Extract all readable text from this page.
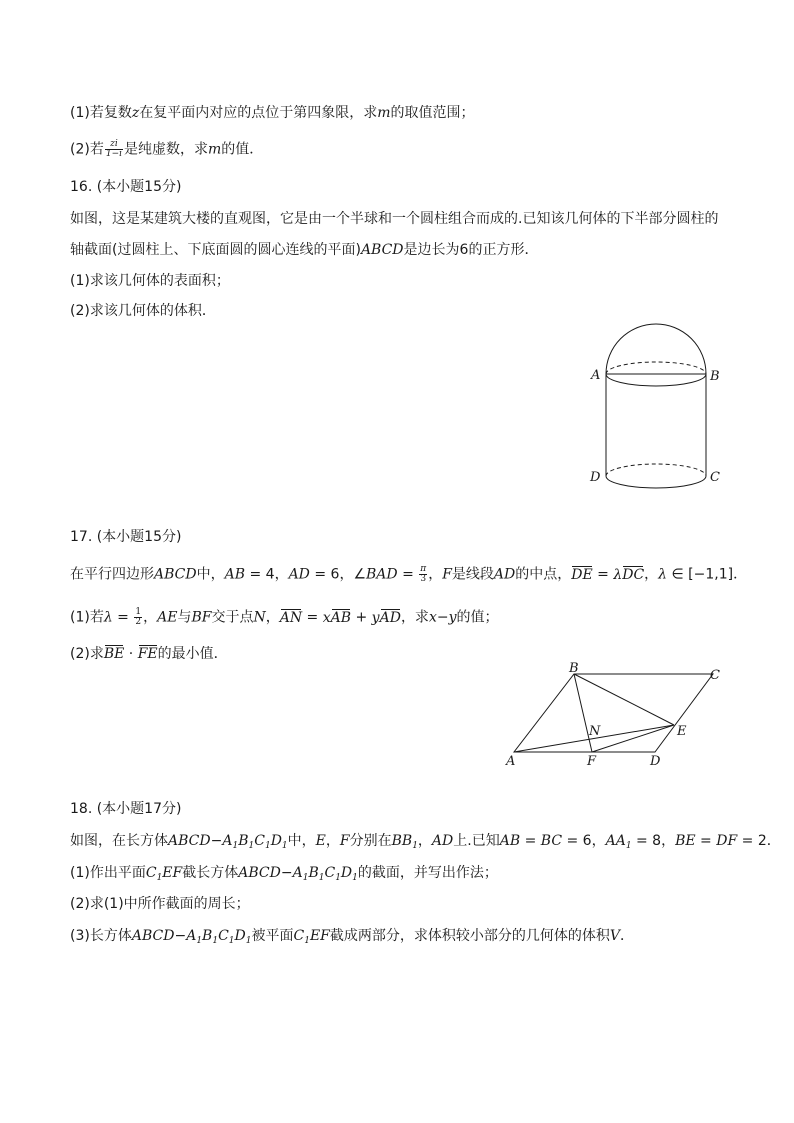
(1)若复数z在复平面内对应的点位于第四象限，求m的取值范围；
(2)若 $\frac{zi}{1-i}$ 是纯虚数，求m的值．
16. (本小题15分)
如图，这是某建筑大楼的直观图，它是由一个半球和一个圆柱组合而成的.已知该几何体的下半部分圆柱的
轴截面(过圆柱上、下底面圆的圆心连线的平面)ABCD是边长为6的正方形．
(1)求该几何体的表面积；
(2)求该几何体的体积．
A	B
D	C
17. (本小题15分)
在平行四边形ABCD中，AB = 4，AD = 6，∠BAD = $\frac{\pi}{3}$ ，F是线段AD的中点，DE = λDC，λ ∈ [−1,1]．
(1)若$\lambda = \frac{1}{2}$ ，AE与BF交于点N，AN = xAB + yAD，求x−y的值；
(2)求BE · FE的最小值．
A
B	C
D
E
F
N
18. (本小题17分)
如图，在长方体$ABCD-A_1B_1C_1D_1$中，E，F分别在$BB_1$，AD上.已知AB = BC = 6，$AA_1 = 8$，BE = DF = 2．
(1)作出平面$C_1EF$截长方体$ABCD-A_1B_1C_1D_1$的截面，并写出作法；
(2)求(1)中所作截面的周长；
(3)长方体$ABCD-A_1B_1C_1D_1$被平面$C_1EF$截成两部分，求体积较小部分的几何体的体积V．
